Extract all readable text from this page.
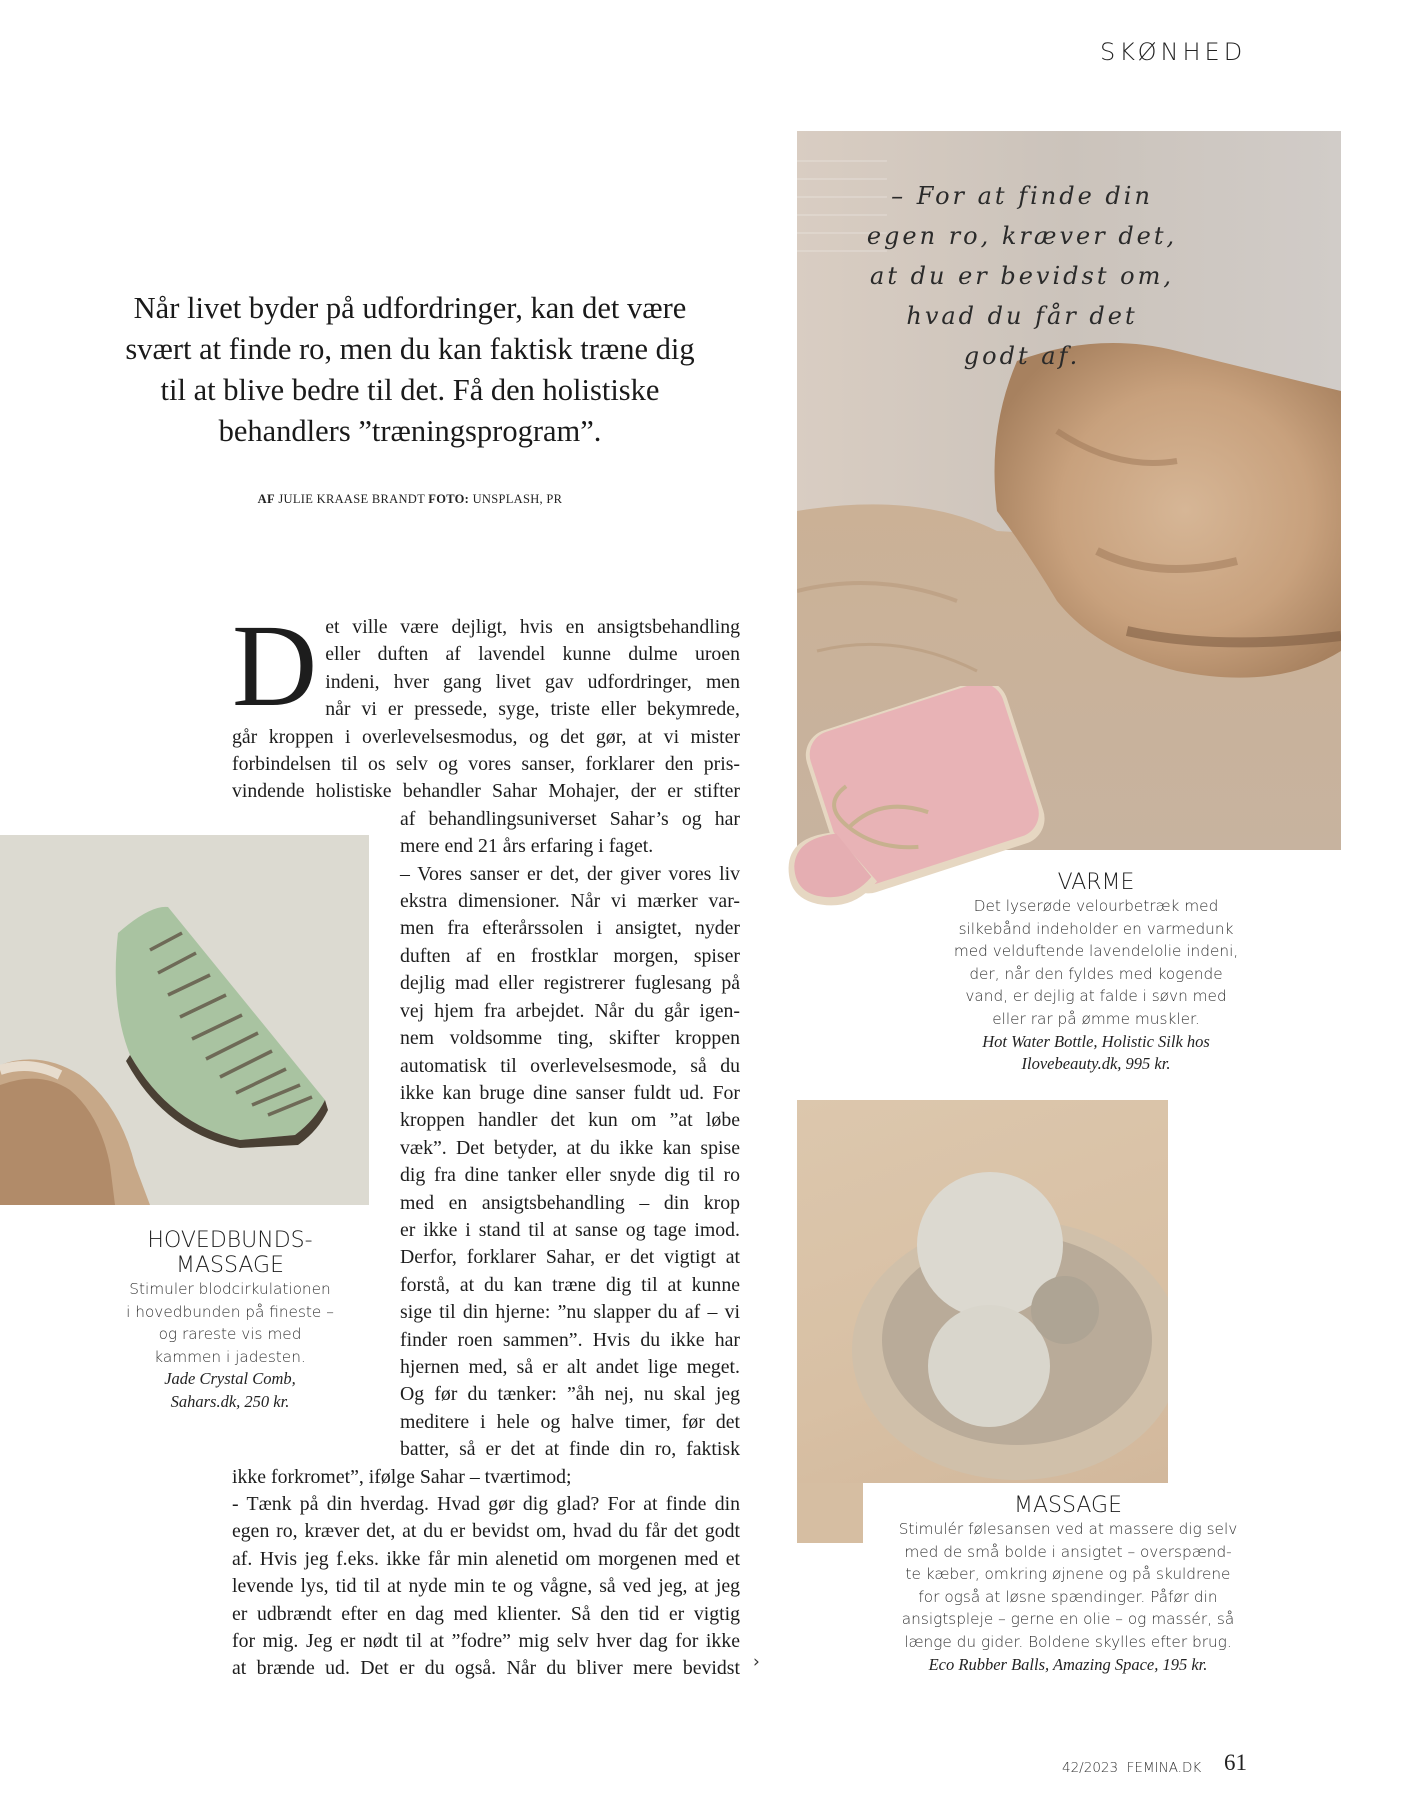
SKØNHED
Når livet byder på udfordringer, kan det være svært at finde ro, men du kan faktisk træne dig til at blive bedre til det. Få den holistiske behandlers ”træningsprogram”.
AF JULIE KRAASE BRANDT FOTO: UNSPLASH, PR
– For at finde din
egen ro, kræver det,
at du er bevidst om,
hvad du får det
godt af.
D et ville være dejligt, hvis en ansigtsbehandling
eller duften af lavendel kunne dulme uroen
indeni, hver gang livet gav udfordringer, men
når vi er pressede, syge, triste eller bekymrede,
går kroppen i overlevelsesmodus, og det gør, at vi mister
forbindelsen til os selv og vores sanser, forklarer den pris-
vindende holistiske behandler Sahar Mohajer, der er stifter
af behandlingsuniverset Sahar’s og har
mere end 21 års erfaring i faget.
– Vores sanser er det, der giver vores liv
ekstra dimensioner. Når vi mærker var-
men fra efterårssolen i ansigtet, nyder
duften af en frostklar morgen, spiser
dejlig mad eller registrerer fuglesang på
vej hjem fra arbejdet. Når du går igen-
nem voldsomme ting, skifter kroppen
automatisk til overlevelsesmode, så du
ikke kan bruge dine sanser fuldt ud. For
kroppen handler det kun om ”at løbe
væk”. Det betyder, at du ikke kan spise
dig fra dine tanker eller snyde dig til ro
med en ansigtsbehandling – din krop
er ikke i stand til at sanse og tage imod.
Derfor, forklarer Sahar, er det vigtigt at
forstå, at du kan træne dig til at kunne
sige til din hjerne: ”nu slapper du af – vi
finder roen sammen”. Hvis du ikke har
hjernen med, så er alt andet lige meget.
Og før du tænker: ”åh nej, nu skal jeg
meditere i hele og halve timer, før det
batter, så er det at finde din ro, faktisk
ikke forkromet”, ifølge Sahar – tværtimod;
- Tænk på din hverdag. Hvad gør dig glad? For at finde din
egen ro, kræver det, at du er bevidst om, hvad du får det godt
af. Hvis jeg f.eks. ikke får min alenetid om morgenen med et
levende lys, tid til at nyde min te og vågne, så ved jeg, at jeg
er udbrændt efter en dag med klienter. Så den tid er vigtig
for mig. Jeg er nødt til at ”fodre” mig selv hver dag for ikke
at brænde ud. Det er du også. Når du bliver mere bevidst ›
HOVEDBUNDS-
MASSAGE
Stimuler blodcirkulationen
i hovedbunden på fineste –
og rareste vis med
kammen i jadesten.
Jade Crystal Comb,
Sahars.dk, 250 kr.
VARME
Det lyserøde velourbetræk med
silkebånd indeholder en varmedunk
med velduftende lavendelolie indeni,
der, når den fyldes med kogende
vand, er dejlig at falde i søvn med
eller rar på ømme muskler.
Hot Water Bottle, Holistic Silk hos
Ilovebeauty.dk, 995 kr.
MASSAGE
Stimulér følesansen ved at massere dig selv
med de små bolde i ansigtet – overspænd-
te kæber, omkring øjnene og på skuldrene
for også at løsne spændinger. Påfør din
ansigtspleje – gerne en olie – og massér, så
længe du gider. Boldene skylles efter brug.
Eco Rubber Balls, Amazing Space, 195 kr.
42/2023  FEMINA.DK 61
